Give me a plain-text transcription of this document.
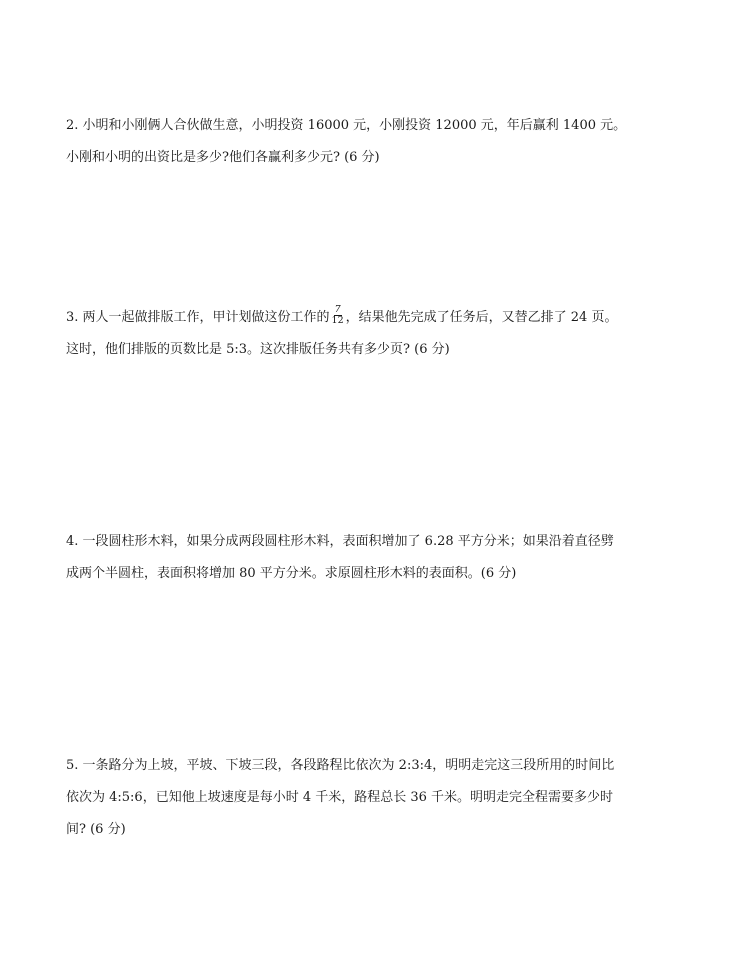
2. 小明和小刚俩人合伙做生意，小明投资 16000 元，小刚投资 12000 元，年后赢利 1400 元。
小刚和小明的出资比是多少?他们各赢利多少元? (6 分)
3. 两人一起做排版工作，甲计划做这份工作的 $\frac{7}{12}$ ，结果他先完成了任务后，又替乙排了 24 页。
这时，他们排版的页数比是 5:3。这次排版任务共有多少页? (6 分)
4. 一段圆柱形木料，如果分成两段圆柱形木料，表面积增加了 6.28 平方分米；如果沿着直径劈
成两个半圆柱，表面积将增加 80 平方分米。求原圆柱形木料的表面积。(6 分)
5. 一条路分为上坡，平坡、下坡三段，各段路程比依次为 2:3:4，明明走完这三段所用的时间比
依次为 4:5:6，已知他上坡速度是每小时 4 千米，路程总长 36 千米。明明走完全程需要多少时
间? (6 分)
